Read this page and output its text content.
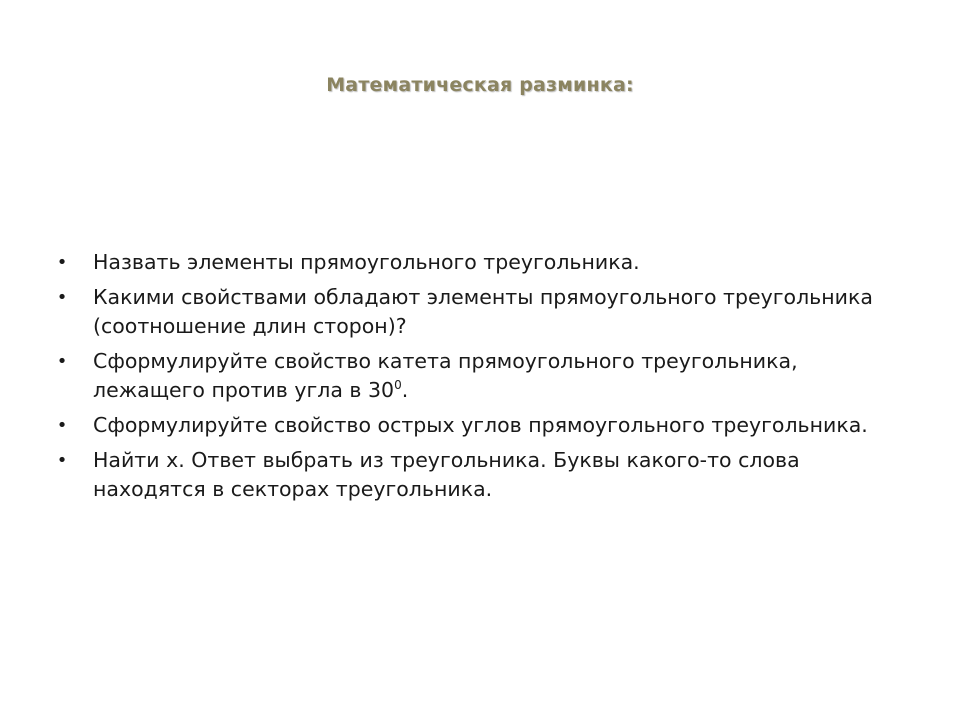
Математическая разминка:
• Назвать элементы прямоугольного треугольника.
• Какими свойствами обладают элементы прямоугольного треугольника (соотношение длин сторон)?
• Сформулируйте свойство катета прямоугольного треугольника, лежащего против угла в $30^0$.
• Сформулируйте свойство острых углов прямоугольного треугольника.
• Найти x. Ответ выбрать из треугольника. Буквы какого-то слова находятся в секторах треугольника.
